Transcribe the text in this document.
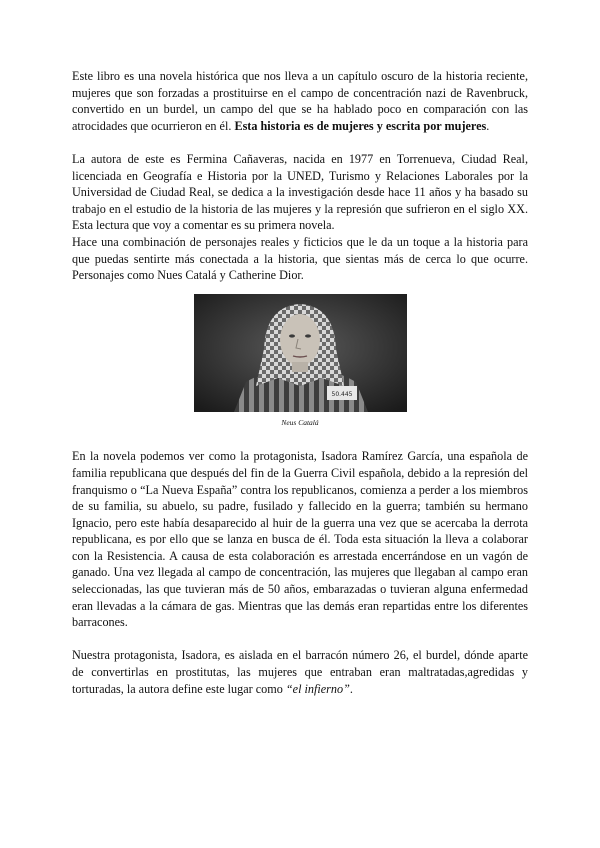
Este libro es una novela histórica que nos lleva a un capítulo oscuro de la historia reciente, mujeres que son forzadas a prostituirse en el campo de concentración nazi de Ravenbruck, convertido en un burdel, un campo del que se ha hablado poco en comparación con las atrocidades que ocurrieron en él. Esta historia es de mujeres y escrita por mujeres.

La autora de este es Fermina Cañaveras, nacida en 1977 en Torrenueva, Ciudad Real, licenciada en Geografía e Historia por la UNED, Turismo y Relaciones Laborales por la Universidad de Ciudad Real, se dedica a la investigación desde hace 11 años y ha basado su trabajo en el estudio de la historia de las mujeres y la represión que sufrieron en el siglo XX. Esta lectura que voy a comentar es su primera novela.

Hace una combinación de personajes reales y ficticios que le da un toque a la historia para que puedas sentirte más conectada a la historia, que sientas más de cerca lo que ocurre. Personajes como Nues Catalá y Catherine Dior.

50.445
Neus Catalá

En la novela podemos ver como la protagonista, Isadora Ramírez García, una española de familia republicana que después del fin de la Guerra Civil española, debido a la represión del franquismo o “La Nueva España” contra los republicanos, comienza a perder a los miembros de su familia, su abuelo, su padre, fusilado y fallecido en la guerra; también su hermano Ignacio, pero este había desaparecido al huir de la guerra una vez que se acercaba la derrota republicana, es por ello que se lanza en busca de él. Toda esta situación la lleva a colaborar con la Resistencia. A causa de esta colaboración es arrestada encerrándose en un vagón de ganado. Una vez llegada al campo de concentración, las mujeres que llegaban al campo eran seleccionadas, las que tuvieran más de 50 años, embarazadas o tuvieran alguna enfermedad eran llevadas a la cámara de gas. Mientras que las demás eran repartidas entre los diferentes barracones.

Nuestra protagonista, Isadora, es aislada en el barracón número 26, el burdel, dónde aparte de convertirlas en prostitutas, las mujeres que entraban eran maltratadas,agredidas y torturadas, la autora define este lugar como “el infierno”.
